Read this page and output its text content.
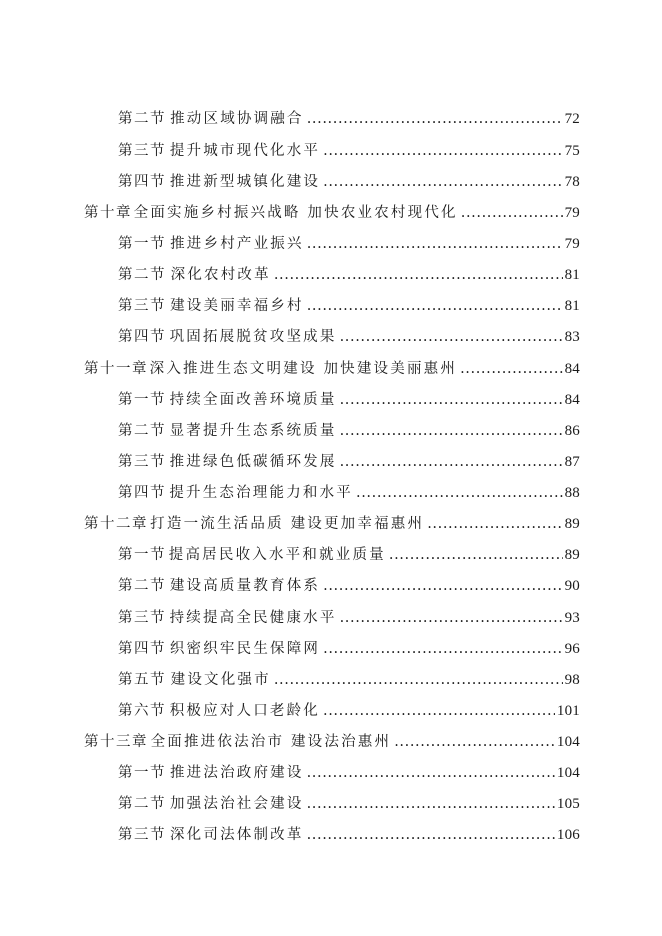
第二节 推动区域协调融合 .....	72
第三节 提升城市现代化水平 .....	75
第四节 推进新型城镇化建设 .....	78
第十章 全面实施乡村振兴战略 加快农业农村现代化 .....	79
第一节 推进乡村产业振兴 .....	79
第二节 深化农村改革 .....	81
第三节 建设美丽幸福乡村 .....	81
第四节 巩固拓展脱贫攻坚成果 .....	83
第十一章 深入推进生态文明建设 加快建设美丽惠州 .....	84
第一节 持续全面改善环境质量 .....	84
第二节 显著提升生态系统质量 .....	86
第三节 推进绿色低碳循环发展 .....	87
第四节 提升生态治理能力和水平 .....	88
第十二章 打造一流生活品质 建设更加幸福惠州 .....	89
第一节 提高居民收入水平和就业质量 .....	89
第二节 建设高质量教育体系 .....	90
第三节 持续提高全民健康水平 .....	93
第四节 织密织牢民生保障网 .....	96
第五节 建设文化强市 .....	98
第六节 积极应对人口老龄化 .....	101
第十三章 全面推进依法治市 建设法治惠州 .....	104
第一节 推进法治政府建设 .....	104
第二节 加强法治社会建设 .....	105
第三节 深化司法体制改革 .....	106
